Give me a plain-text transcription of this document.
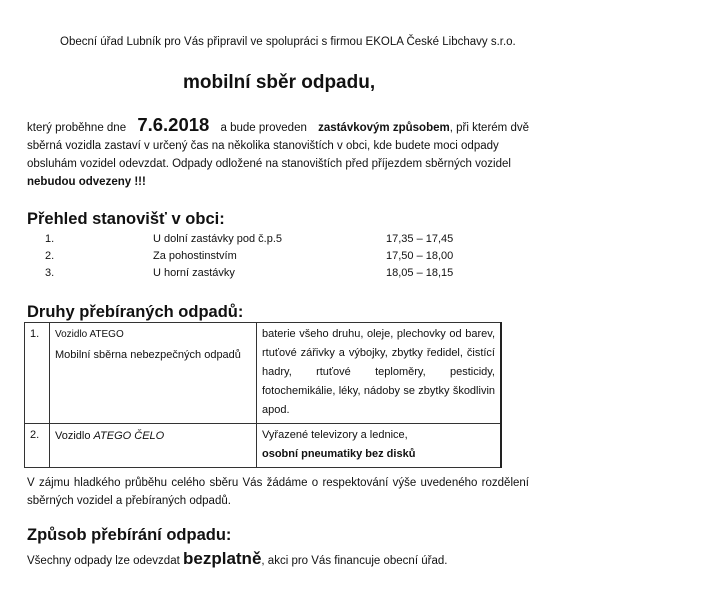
Obecní úřad Lubník pro Vás připravil ve spolupráci s firmou EKOLA České Libchavy s.r.o.
mobilní sběr odpadu,
který proběhne dne 7.6.2018 a bude proveden zastávkovým způsobem, při kterém dvě
sběrná vozidla zastaví v určený čas na několika stanovištích v obci, kde budete moci odpady
obsluhám vozidel odevzdat. Odpady odložené na stanovištích před příjezdem sběrných vozidel
nebudou odvezeny !!!
Přehled stanovišť v obci:
1.	U dolní zastávky pod č.p.5	17,35 – 17,45
2.	Za pohostinstvím	17,50 – 18,00
3.	U horní zastávky	18,05 – 18,15
Druhy přebíraných odpadů:
1.	Vozidlo ATEGO
Mobilní sběrna nebezpečných odpadů	baterie všeho druhu, oleje, plechovky od barev, rtuťové zářivky a výbojky, zbytky ředidel, čistící hadry, rtuťové teploměry, pesticidy, fotochemikálie, léky, nádoby se zbytky škodlivin apod.
2.	Vozidlo ATEGO ČELO	Vyřazené televizory a lednice,
osobní pneumatiky bez disků
V zájmu hladkého průběhu celého sběru Vás žádáme o respektování výše uvedeného rozdělení sběrných vozidel a přebíraných odpadů.
Způsob přebírání odpadu:
Všechny odpady lze odevzdat bezplatně, akci pro Vás financuje obecní úřad.
